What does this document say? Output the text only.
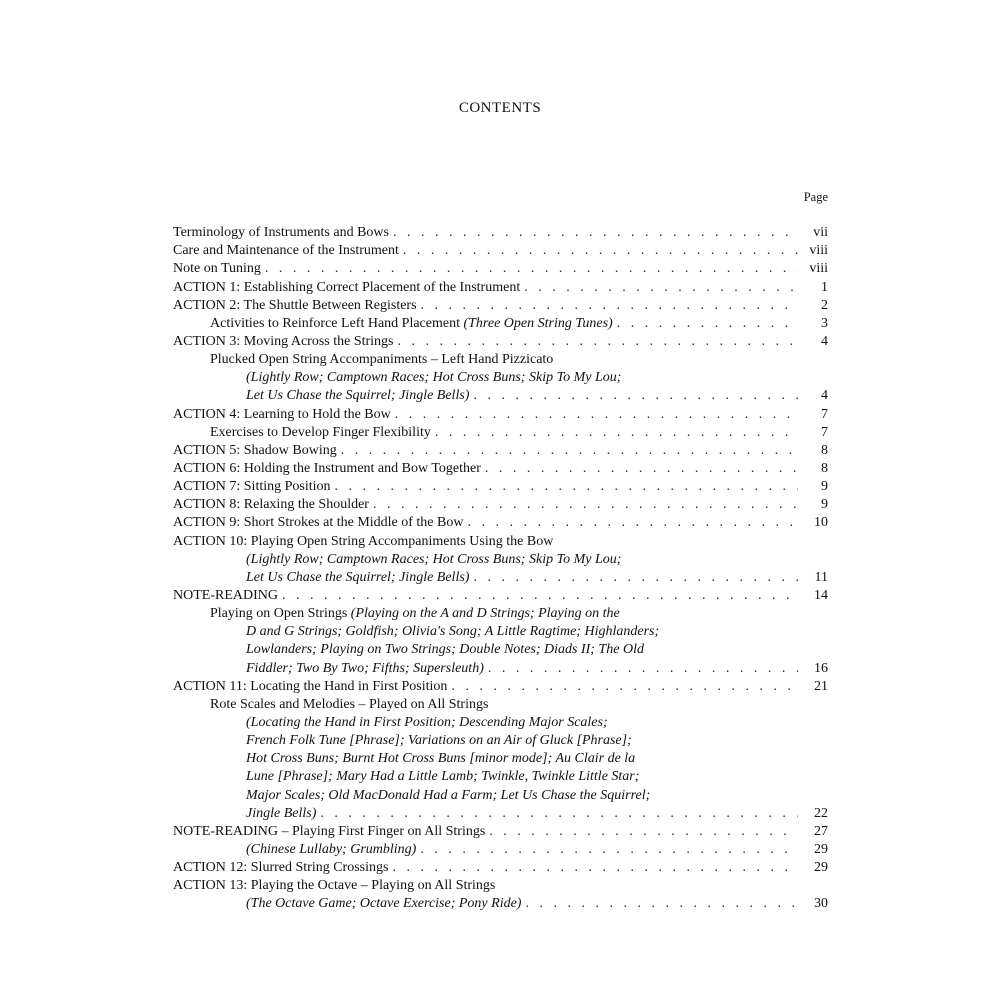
CONTENTS
Page
Terminology of Instruments and Bows . . .	vii
Care and Maintenance of the Instrument . . .	viii
Note on Tuning . . .	viii
ACTION 1: Establishing Correct Placement of the Instrument . . .	1
ACTION 2: The Shuttle Between Registers . . .	2
Activities to Reinforce Left Hand Placement (Three Open String Tunes) . . .	3
ACTION 3: Moving Across the Strings . . .	4
Plucked Open String Accompaniments – Left Hand Pizzicato
(Lightly Row; Camptown Races; Hot Cross Buns; Skip To My Lou;
Let Us Chase the Squirrel; Jingle Bells) . . .	4
ACTION 4: Learning to Hold the Bow . . .	7
Exercises to Develop Finger Flexibility . . .	7
ACTION 5: Shadow Bowing . . .	8
ACTION 6: Holding the Instrument and Bow Together . . .	8
ACTION 7: Sitting Position . . .	9
ACTION 8: Relaxing the Shoulder . . .	9
ACTION 9: Short Strokes at the Middle of the Bow . . .	10
ACTION 10: Playing Open String Accompaniments Using the Bow
(Lightly Row; Camptown Races; Hot Cross Buns; Skip To My Lou;
Let Us Chase the Squirrel; Jingle Bells) . . .	11
NOTE-READING . . .	14
Playing on Open Strings (Playing on the A and D Strings; Playing on the
D and G Strings; Goldfish; Olivia's Song; A Little Ragtime; Highlanders;
Lowlanders; Playing on Two Strings; Double Notes; Diads II; The Old
Fiddler; Two By Two; Fifths; Supersleuth) . . .	16
ACTION 11: Locating the Hand in First Position . . .	21
Rote Scales and Melodies – Played on All Strings
(Locating the Hand in First Position; Descending Major Scales;
French Folk Tune [Phrase]; Variations on an Air of Gluck [Phrase];
Hot Cross Buns; Burnt Hot Cross Buns [minor mode]; Au Clair de la
Lune [Phrase]; Mary Had a Little Lamb; Twinkle, Twinkle Little Star;
Major Scales; Old MacDonald Had a Farm; Let Us Chase the Squirrel;
Jingle Bells) . . .	22
NOTE-READING – Playing First Finger on All Strings . . .	27
(Chinese Lullaby; Grumbling) . . .	29
ACTION 12: Slurred String Crossings . . .	29
ACTION 13: Playing the Octave – Playing on All Strings
(The Octave Game; Octave Exercise; Pony Ride) . . .	30
